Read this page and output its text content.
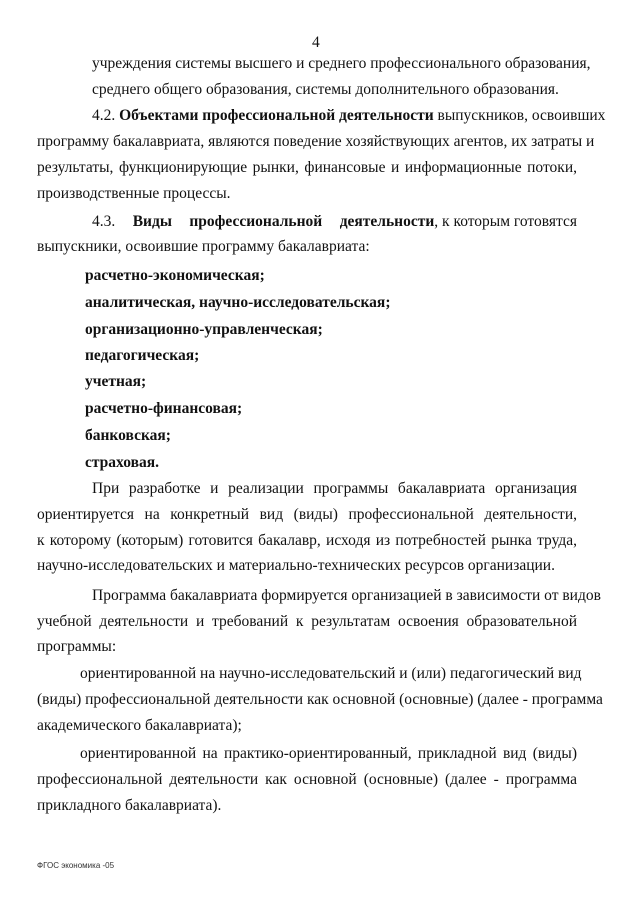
4
учреждения системы высшего и среднего профессионального образования,
среднего общего образования, системы дополнительного образования.
4.2. Объектами профессиональной деятельности выпускников, освоивших
программу бакалавриата, являются поведение хозяйствующих агентов, их затраты и
результаты, функционирующие рынки, финансовые и информационные потоки,
производственные процессы.
4.3. Виды профессиональной деятельности, к которым готовятся
выпускники, освоившие программу бакалавриата:
расчетно-экономическая;
аналитическая, научно-исследовательская;
организационно-управленческая;
педагогическая;
учетная;
расчетно-финансовая;
банковская;
страховая.
При разработке и реализации программы бакалавриата организация
ориентируется на конкретный вид (виды) профессиональной деятельности,
к которому (которым) готовится бакалавр, исходя из потребностей рынка труда,
научно-исследовательских и материально-технических ресурсов организации.
Программа бакалавриата формируется организацией в зависимости от видов
учебной деятельности и требований к результатам освоения образовательной
программы:
ориентированной на научно-исследовательский и (или) педагогический вид
(виды) профессиональной деятельности как основной (основные) (далее - программа
академического бакалавриата);
ориентированной на практико-ориентированный, прикладной вид (виды)
профессиональной деятельности как основной (основные) (далее - программа
прикладного бакалавриата).
ФГОС экономика -05
